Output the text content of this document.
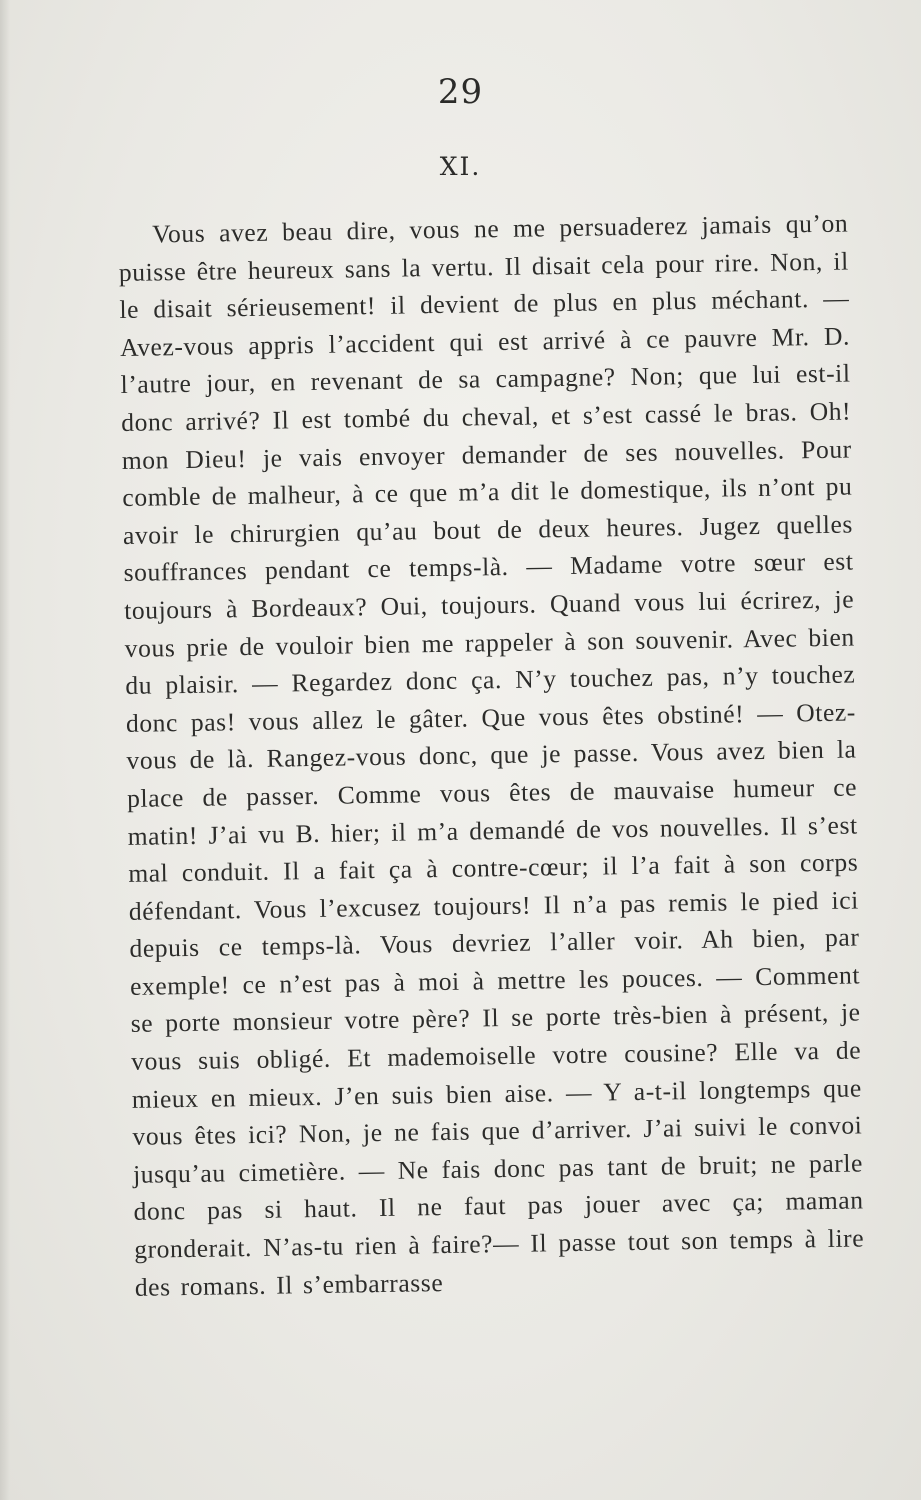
29
XI.

Vous avez beau dire, vous ne me persuaderez jamais qu’on puisse être heureux sans la vertu. Il disait cela pour rire. Non, il le disait sérieusement! il devient de plus en plus méchant. — Avez-vous appris l’accident qui est arrivé à ce pauvre Mr. D. l’autre jour, en revenant de sa campagne? Non; que lui est-il donc arrivé? Il est tombé du cheval, et s’est cassé le bras. Oh! mon Dieu! je vais envoyer demander de ses nouvelles. Pour comble de malheur, à ce que m’a dit le domestique, ils n’ont pu avoir le chirurgien qu’au bout de deux heures. Jugez quelles souffrances pendant ce temps-là. — Madame votre sœur est toujours à Bordeaux? Oui, toujours. Quand vous lui écrirez, je vous prie de vouloir bien me rappeler à son souvenir. Avec bien du plaisir. — Regardez donc ça. N’y touchez pas, n’y touchez donc pas! vous allez le gâter. Que vous êtes obstiné! — Otez-vous de là. Rangez-vous donc, que je passe. Vous avez bien la place de passer. Comme vous êtes de mauvaise humeur ce matin! J’ai vu B. hier; il m’a demandé de vos nouvelles. Il s’est mal conduit. Il a fait ça à contre-cœur; il l’a fait à son corps défendant. Vous l’excusez toujours! Il n’a pas remis le pied ici depuis ce temps-là. Vous devriez l’aller voir. Ah bien, par exemple! ce n’est pas à moi à mettre les pouces. — Comment se porte monsieur votre père? Il se porte très-bien à présent, je vous suis obligé. Et mademoiselle votre cousine? Elle va de mieux en mieux. J’en suis bien aise. — Y a-t-il longtemps que vous êtes ici? Non, je ne fais que d’arriver. J’ai suivi le convoi jusqu’au cimetière. — Ne fais donc pas tant de bruit; ne parle donc pas si haut. Il ne faut pas jouer avec ça; maman gronderait. N’as-tu rien à faire?— Il passe tout son temps à lire des romans. Il s’embarrasse
